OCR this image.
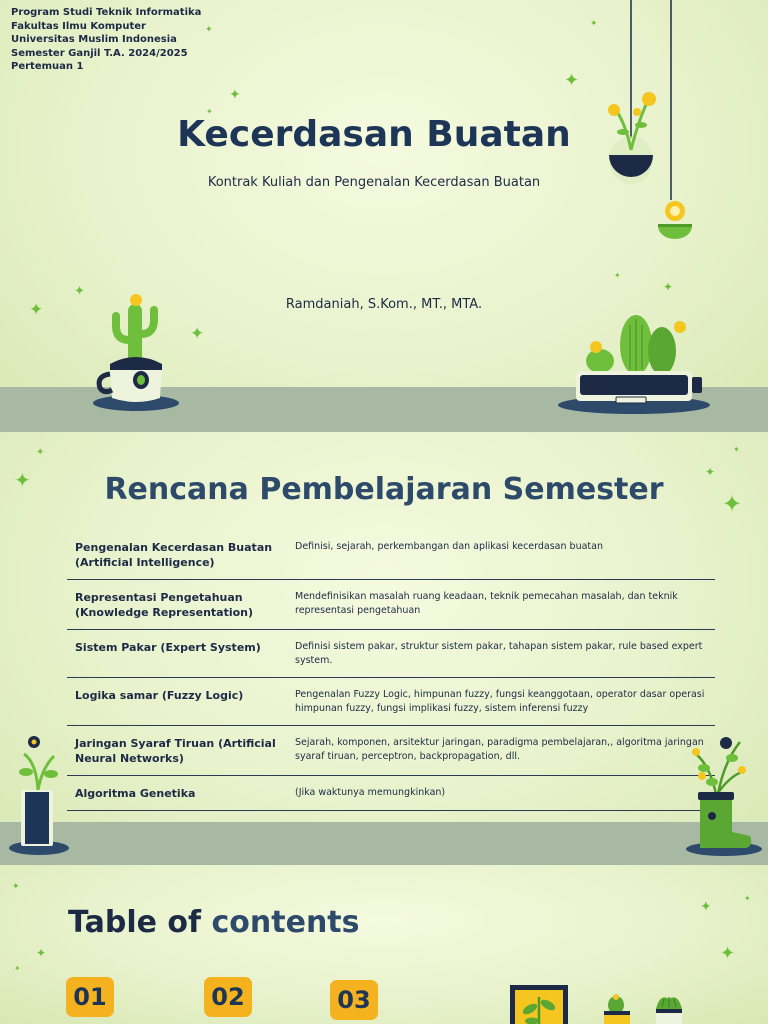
Program Studi Teknik Informatika
Fakultas Ilmu Komputer
Universitas Muslim Indonesia
Semester Ganjil T.A. 2024/2025
Pertemuan 1
Kecerdasan Buatan
Kontrak Kuliah dan Pengenalan Kecerdasan Buatan
Ramdaniah, S.Kom., MT., MTA.
✦
✦
✦
✦
✦
✦
✦
✦
✦
✦
Rencana Pembelajaran Semester
✦
✦
✦
✦
✦
Pengenalan Kecerdasan Buatan (Artificial Intelligence)	Definisi, sejarah, perkembangan dan aplikasi kecerdasan buatan
Representasi Pengetahuan (Knowledge Representation)	Mendefinisikan masalah ruang keadaan, teknik pemecahan masalah, dan teknik representasi pengetahuan
Sistem Pakar (Expert System)	Definisi sistem pakar, struktur sistem pakar, tahapan sistem pakar, rule based expert system.
Logika samar (Fuzzy Logic)	Pengenalan Fuzzy Logic, himpunan fuzzy, fungsi keanggotaan, operator dasar operasi himpunan fuzzy, fungsi implikasi fuzzy, sistem inferensi fuzzy
Jaringan Syaraf Tiruan (Artificial Neural Networks)	Sejarah, komponen, arsitektur jaringan, paradigma pembelajaran,, algoritma jaringan syaraf tiruan, perceptron, backpropagation, dll.
Algoritma Genetika	(Jika waktunya memungkinkan)
Table of contents
✦
✦
✦
✦
✦
✦
01	02	03
